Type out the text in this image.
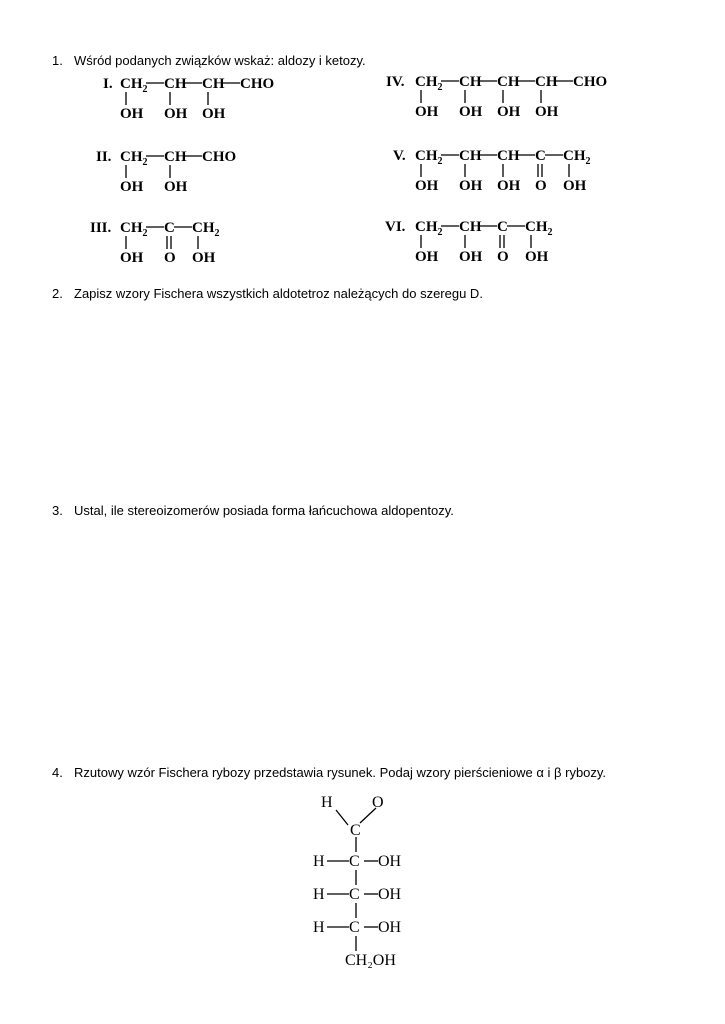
1. Wśród podanych związków wskaż: aldozy i ketozy.
2. Zapisz wzory Fischera wszystkich aldotetroz należących do szeregu D.
3. Ustal, ile stereoizomerów posiada forma łańcuchowa aldopentozy.
4. Rzutowy wzór Fischera rybozy przedstawia rysunek. Podaj wzory pierścieniowe α i β rybozy.
I. $CH_2$
OH
CH
OH
CH
OH
CHO
II. $CH_2$
OH
CH
OH
CHO
III. $CH_2$
OH
C
O
$CH_2$
OH
IV. $CH_2$
OH
CH
OH
CH
OH
CH
OH
CHO
V. $CH_2$
OH
CH
OH
CH
OH
C
O
$CH_2$
OH
VI. $CH_2$
OH
CH
OH
C
O
$CH_2$
OH
H O
C
H C OH
H C OH
H C OH
CH₂OH
